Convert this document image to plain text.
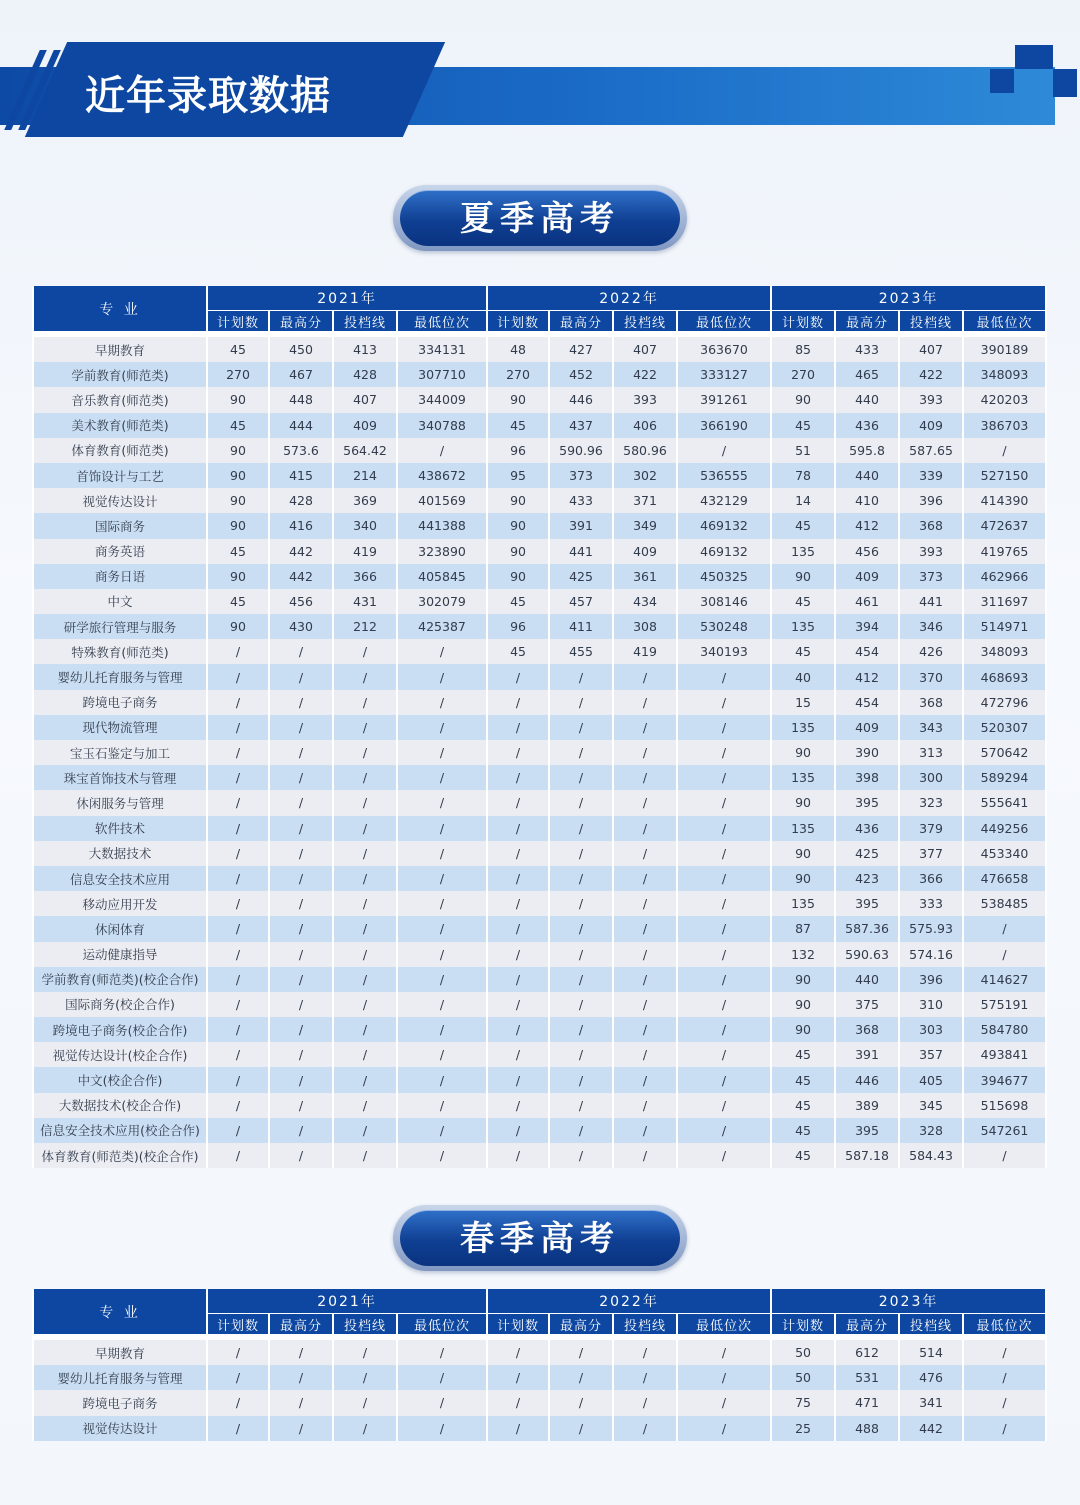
近年录取数据
夏季高考
专 业	2021年				2022年				2023年			
	计划数	最高分	投档线	最低位次	计划数	最高分	投档线	最低位次	计划数	最高分	投档线	最低位次
早期教育	45	450	413	334131	48	427	407	363670	85	433	407	390189
学前教育(师范类)	270	467	428	307710	270	452	422	333127	270	465	422	348093
音乐教育(师范类)	90	448	407	344009	90	446	393	391261	90	440	393	420203
美术教育(师范类)	45	444	409	340788	45	437	406	366190	45	436	409	386703
体育教育(师范类)	90	573.6	564.42	/	96	590.96	580.96	/	51	595.8	587.65	/
首饰设计与工艺	90	415	214	438672	95	373	302	536555	78	440	339	527150
视觉传达设计	90	428	369	401569	90	433	371	432129	14	410	396	414390
国际商务	90	416	340	441388	90	391	349	469132	45	412	368	472637
商务英语	45	442	419	323890	90	441	409	469132	135	456	393	419765
商务日语	90	442	366	405845	90	425	361	450325	90	409	373	462966
中文	45	456	431	302079	45	457	434	308146	45	461	441	311697
研学旅行管理与服务	90	430	212	425387	96	411	308	530248	135	394	346	514971
特殊教育(师范类)	/	/	/	/	45	455	419	340193	45	454	426	348093
婴幼儿托育服务与管理	/	/	/	/	/	/	/	/	40	412	370	468693
跨境电子商务	/	/	/	/	/	/	/	/	15	454	368	472796
现代物流管理	/	/	/	/	/	/	/	/	135	409	343	520307
宝玉石鉴定与加工	/	/	/	/	/	/	/	/	90	390	313	570642
珠宝首饰技术与管理	/	/	/	/	/	/	/	/	135	398	300	589294
休闲服务与管理	/	/	/	/	/	/	/	/	90	395	323	555641
软件技术	/	/	/	/	/	/	/	/	135	436	379	449256
大数据技术	/	/	/	/	/	/	/	/	90	425	377	453340
信息安全技术应用	/	/	/	/	/	/	/	/	90	423	366	476658
移动应用开发	/	/	/	/	/	/	/	/	135	395	333	538485
休闲体育	/	/	/	/	/	/	/	/	87	587.36	575.93	/
运动健康指导	/	/	/	/	/	/	/	/	132	590.63	574.16	/
学前教育(师范类)(校企合作)	/	/	/	/	/	/	/	/	90	440	396	414627
国际商务(校企合作)	/	/	/	/	/	/	/	/	90	375	310	575191
跨境电子商务(校企合作)	/	/	/	/	/	/	/	/	90	368	303	584780
视觉传达设计(校企合作)	/	/	/	/	/	/	/	/	45	391	357	493841
中文(校企合作)	/	/	/	/	/	/	/	/	45	446	405	394677
大数据技术(校企合作)	/	/	/	/	/	/	/	/	45	389	345	515698
信息安全技术应用(校企合作)	/	/	/	/	/	/	/	/	45	395	328	547261
体育教育(师范类)(校企合作)	/	/	/	/	/	/	/	/	45	587.18	584.43	/
春季高考
专 业	2021年				2022年				2023年			
	计划数	最高分	投档线	最低位次	计划数	最高分	投档线	最低位次	计划数	最高分	投档线	最低位次
早期教育	/	/	/	/	/	/	/	/	50	612	514	/
婴幼儿托育服务与管理	/	/	/	/	/	/	/	/	50	531	476	/
跨境电子商务	/	/	/	/	/	/	/	/	75	471	341	/
视觉传达设计	/	/	/	/	/	/	/	/	25	488	442	/
